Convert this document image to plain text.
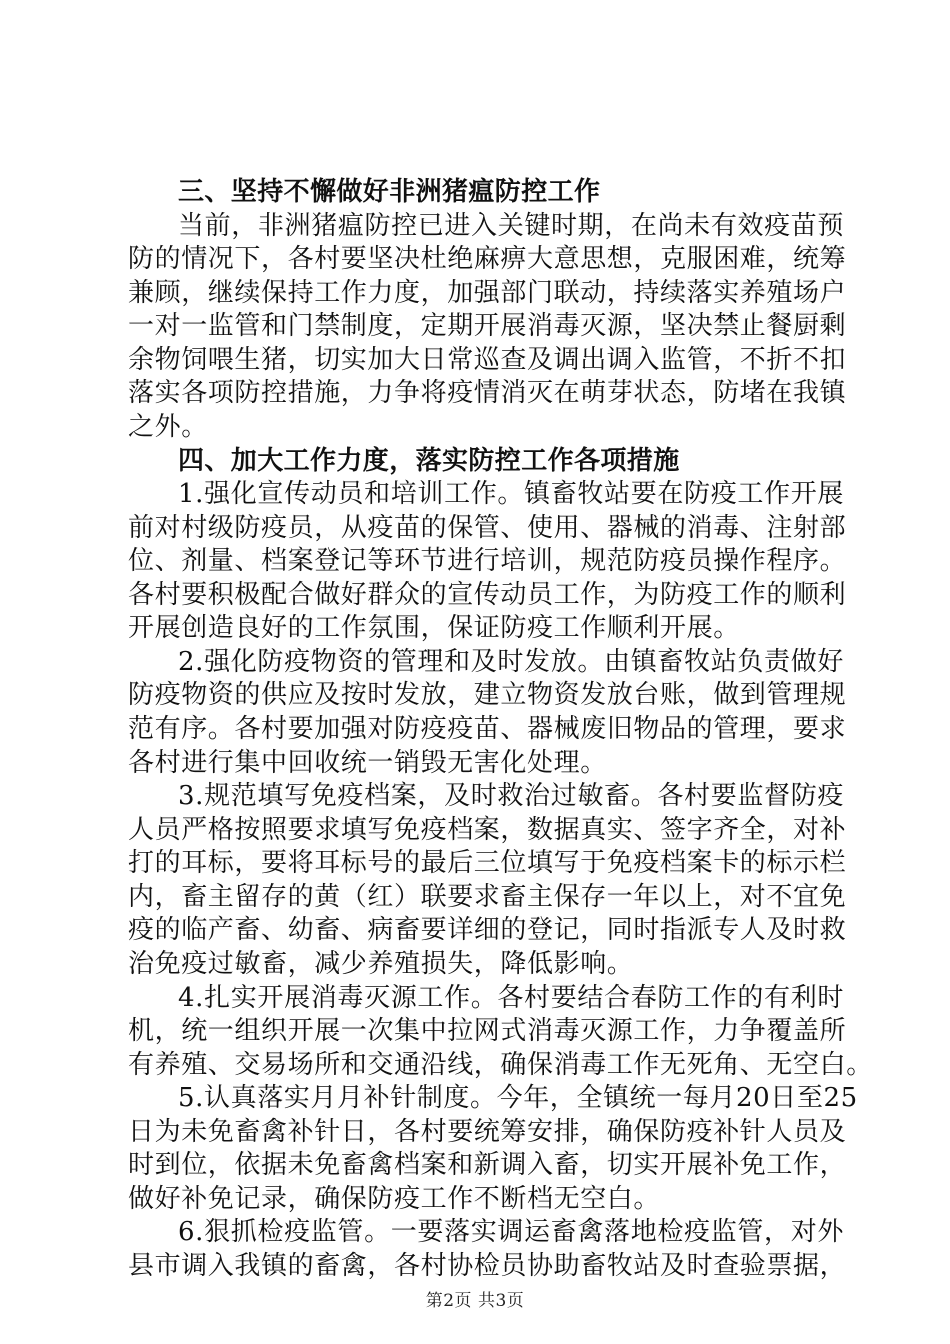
三、坚持不懈做好非洲猪瘟防控工作
当前，非洲猪瘟防控已进入关键时期，在尚未有效疫苗预
防的情况下，各村要坚决杜绝麻痹大意思想，克服困难，统筹
兼顾，继续保持工作力度，加强部门联动，持续落实养殖场户
一对一监管和门禁制度，定期开展消毒灭源，坚决禁止餐厨剩
余物饲喂生猪，切实加大日常巡查及调出调入监管，不折不扣
落实各项防控措施，力争将疫情消灭在萌芽状态，防堵在我镇
之外。
四、加大工作力度，落实防控工作各项措施
1.强化宣传动员和培训工作。镇畜牧站要在防疫工作开展
前对村级防疫员，从疫苗的保管、使用、器械的消毒、注射部
位、剂量、档案登记等环节进行培训，规范防疫员操作程序。
各村要积极配合做好群众的宣传动员工作，为防疫工作的顺利
开展创造良好的工作氛围，保证防疫工作顺利开展。
2.强化防疫物资的管理和及时发放。由镇畜牧站负责做好
防疫物资的供应及按时发放，建立物资发放台账，做到管理规
范有序。各村要加强对防疫疫苗、器械废旧物品的管理，要求
各村进行集中回收统一销毁无害化处理。
3.规范填写免疫档案，及时救治过敏畜。各村要监督防疫
人员严格按照要求填写免疫档案，数据真实、签字齐全，对补
打的耳标，要将耳标号的最后三位填写于免疫档案卡的标示栏
内，畜主留存的黄（红）联要求畜主保存一年以上，对不宜免
疫的临产畜、幼畜、病畜要详细的登记，同时指派专人及时救
治免疫过敏畜，减少养殖损失，降低影响。
4.扎实开展消毒灭源工作。各村要结合春防工作的有利时
机，统一组织开展一次集中拉网式消毒灭源工作，力争覆盖所
有养殖、交易场所和交通沿线，确保消毒工作无死角、无空白。
5.认真落实月月补针制度。今年，全镇统一每月20日至25
日为未免畜禽补针日，各村要统筹安排，确保防疫补针人员及
时到位，依据未免畜禽档案和新调入畜，切实开展补免工作，
做好补免记录，确保防疫工作不断档无空白。
6.狠抓检疫监管。一要落实调运畜禽落地检疫监管，对外
县市调入我镇的畜禽，各村协检员协助畜牧站及时查验票据，
第2页 共3页
